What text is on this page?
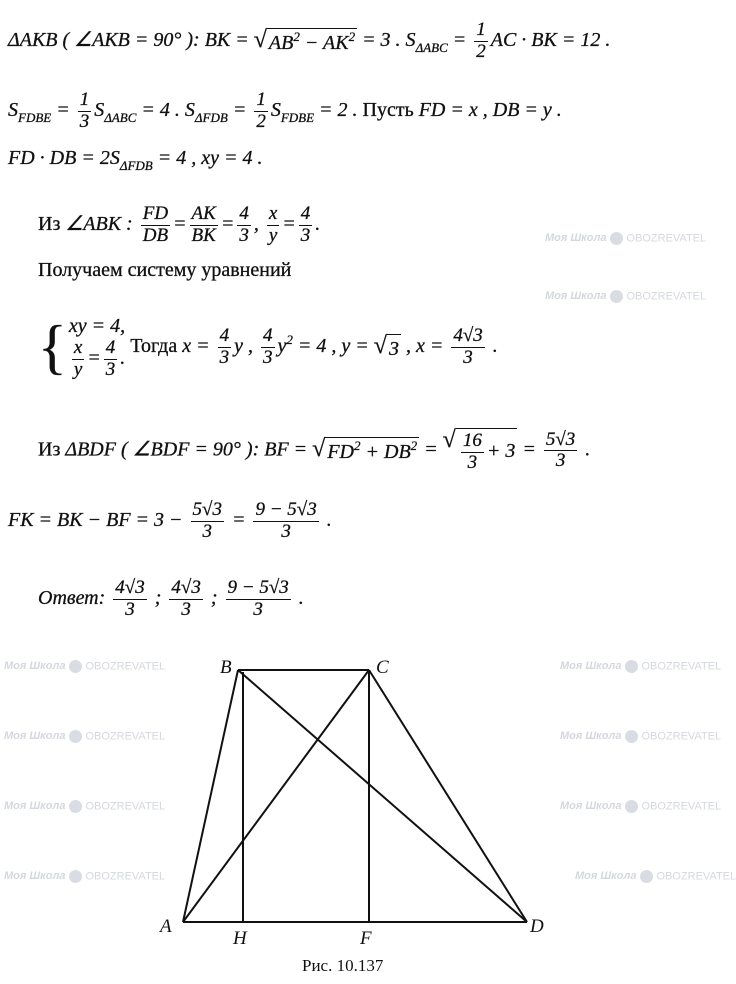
Моя Школа OBOZREVATEL
Моя Школа OBOZREVATEL
Моя Школа OBOZREVATEL
Моя Школа OBOZREVATEL
Моя Школа OBOZREVATEL
Моя Школа OBOZREVATEL
Моя Школа OBOZREVATEL
Моя Школа OBOZREVATEL
Моя Школа OBOZREVATEL
Моя Школа OBOZREVATEL
ΔAKB ( ∠AKB = 90° ): BK = √ $AB^2 - AK^2 = 3$ . $S_{\Delta ABC} = \frac{1}{2}$ AC · BK = 12 .
$S_{FDBE} = \frac{1}{3} S_{\Delta ABC} = 4$ . $S_{\Delta FDB} = \frac{1}{2} S_{FDBE} = 2$ . Пусть FD = x , DB = y .
FD · DB = $2S_{\Delta FDB} = 4$ , xy = 4 .
Из ∠ABK : $\frac{FD}{DB} = \frac{AK}{BK} = \frac{4}{3}$ , $\frac{x}{y} = \frac{4}{3}$ .
Получаем систему уравнений
{ xy = 4,
$\frac{x}{y} = \frac{4}{3}$ .
Тогда $x = \frac{4}{3}$ y , $\frac{4}{3} y^2 = 4$ , y = √ 3 , $x = \frac{4√3}{3}$ .
Из ΔBDF ( ∠BDF = 90° ): BF = √ $FD^2 + DB^2$ = √ $\frac{16}{3} + 3 = \frac{5√3}{3}$ .
FK = BK − BF = $3 - \frac{5√3}{3} = \frac{9 - 5√3}{3}$ .
Ответ: $\frac{4√3}{3}$ ; $\frac{4√3}{3}$ ; $\frac{9 - 5√3}{3}$ .
B	C
A
H	F
D
Рис. 10.137
